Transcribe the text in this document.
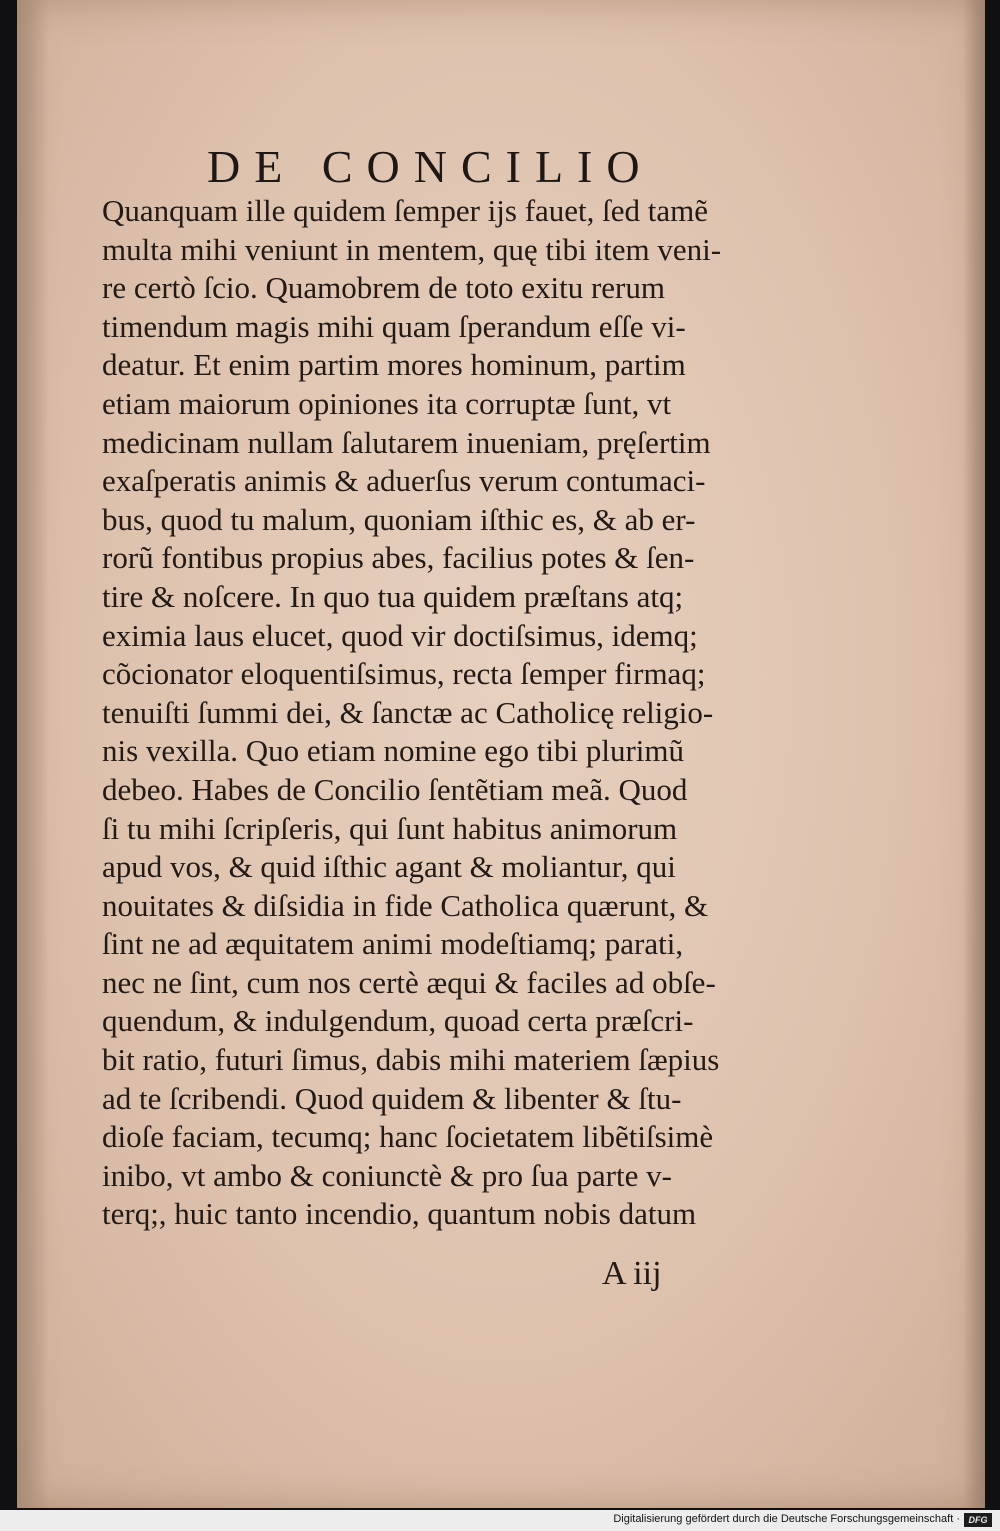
DE CONCILIO
Quanquam ille quidem ſemper ijs fauet, ſed tamẽ
multa mihi veniunt in mentem, quę tibi item veni-
re certò ſcio. Quamobrem de toto exitu rerum
timendum magis mihi quam ſperandum eſſe vi-
deatur. Et enim partim mores hominum, partim
etiam maiorum opiniones ita corruptæ ſunt, vt
medicinam nullam ſalutarem inueniam, pręſertim
exaſperatis animis & aduerſus verum contumaci-
bus, quod tu malum, quoniam iſthic es, & ab er-
rorũ fontibus propius abes, facilius potes & ſen-
tire & noſcere. In quo tua quidem præſtans atq;
eximia laus elucet, quod vir doctiſsimus, idemq;
cõcionator eloquentiſsimus, recta ſemper firmaq;
tenuiſti ſummi dei, & ſanctæ ac Catholicę religio-
nis vexilla. Quo etiam nomine ego tibi plurimũ
debeo. Habes de Concilio ſentẽtiam meã. Quod
ſi tu mihi ſcripſeris, qui ſunt habitus animorum
apud vos, & quid iſthic agant & moliantur, qui
nouitates & diſsidia in fide Catholica quærunt, &
ſint ne ad æquitatem animi modeſtiamq; parati,
nec ne ſint, cum nos certè æqui & faciles ad obſe-
quendum, & indulgendum, quoad certa præſcri-
bit ratio, futuri ſimus, dabis mihi materiem ſæpius
ad te ſcribendi. Quod quidem & libenter & ſtu-
dioſe faciam, tecumq; hanc ſocietatem libẽtiſsimè
inibo, vt ambo & coniunctè & pro ſua parte v-
terq;, huic tanto incendio, quantum nobis datum
A iij
Digitalisierung gefördert durch die Deutsche Forschungsgemeinschaft · DFG
